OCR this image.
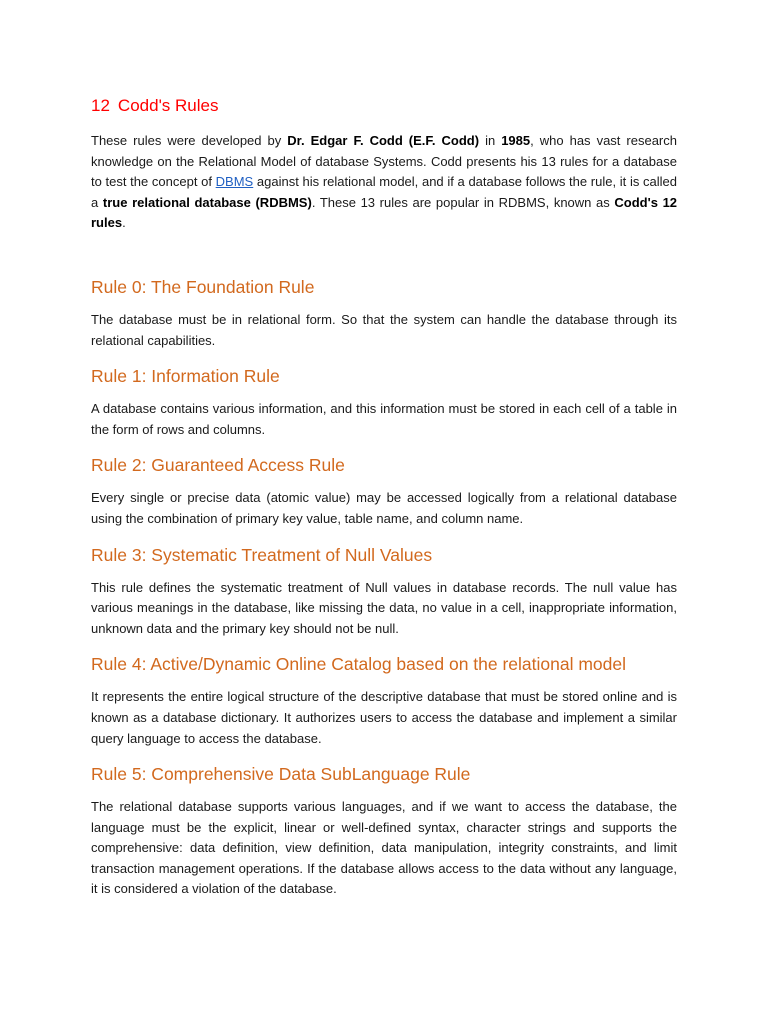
12 Codd's Rules

These rules were developed by Dr. Edgar F. Codd (E.F. Codd) in 1985, who has vast research knowledge on the Relational Model of database Systems. Codd presents his 13 rules for a database to test the concept of DBMS against his relational model, and if a database follows the rule, it is called a true relational database (RDBMS). These 13 rules are popular in RDBMS, known as Codd's 12 rules.

Rule 0: The Foundation Rule

The database must be in relational form. So that the system can handle the database through its relational capabilities.

Rule 1: Information Rule

A database contains various information, and this information must be stored in each cell of a table in the form of rows and columns.

Rule 2: Guaranteed Access Rule

Every single or precise data (atomic value) may be accessed logically from a relational database using the combination of primary key value, table name, and column name.

Rule 3: Systematic Treatment of Null Values

This rule defines the systematic treatment of Null values in database records. The null value has various meanings in the database, like missing the data, no value in a cell, inappropriate information, unknown data and the primary key should not be null.

Rule 4: Active/Dynamic Online Catalog based on the relational model

It represents the entire logical structure of the descriptive database that must be stored online and is known as a database dictionary. It authorizes users to access the database and implement a similar query language to access the database.

Rule 5: Comprehensive Data SubLanguage Rule

The relational database supports various languages, and if we want to access the database, the language must be the explicit, linear or well-defined syntax, character strings and supports the comprehensive: data definition, view definition, data manipulation, integrity constraints, and limit transaction management operations. If the database allows access to the data without any language, it is considered a violation of the database.
